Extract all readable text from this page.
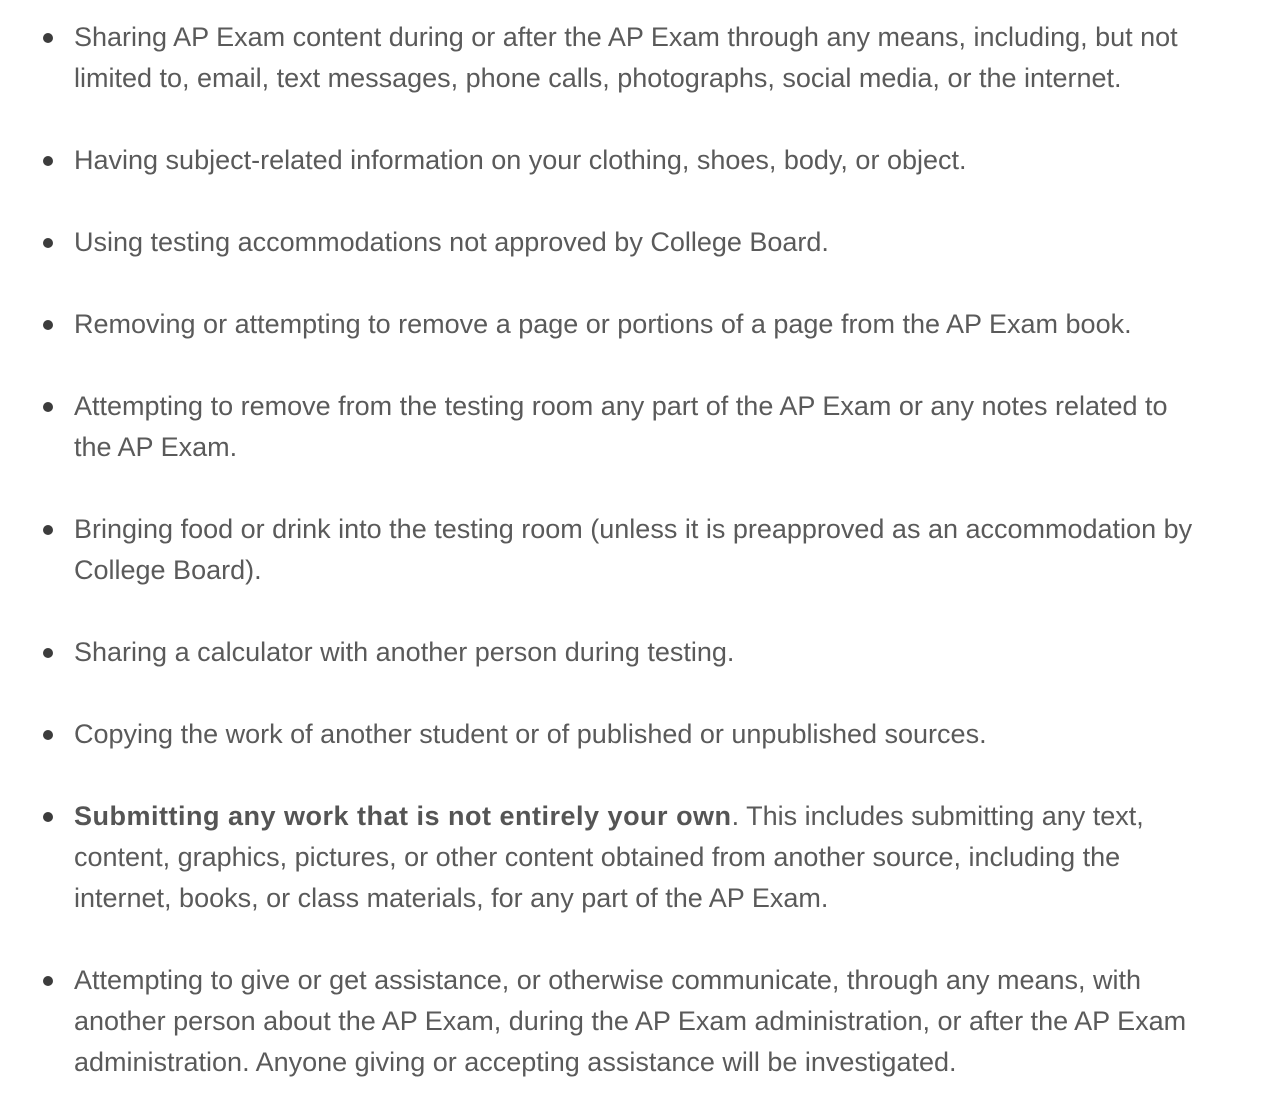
Sharing AP Exam content during or after the AP Exam through any means, including, but not limited to, email, text messages, phone calls, photographs, social media, or the internet.
Having subject-related information on your clothing, shoes, body, or object.
Using testing accommodations not approved by College Board.
Removing or attempting to remove a page or portions of a page from the AP Exam book.
Attempting to remove from the testing room any part of the AP Exam or any notes related to the AP Exam.
Bringing food or drink into the testing room (unless it is preapproved as an accommodation by College Board).
Sharing a calculator with another person during testing.
Copying the work of another student or of published or unpublished sources.
Submitting any work that is not entirely your own. This includes submitting any text, content, graphics, pictures, or other content obtained from another source, including the internet, books, or class materials, for any part of the AP Exam.
Attempting to give or get assistance, or otherwise communicate, through any means, with another person about the AP Exam, during the AP Exam administration, or after the AP Exam administration. Anyone giving or accepting assistance will be investigated.
